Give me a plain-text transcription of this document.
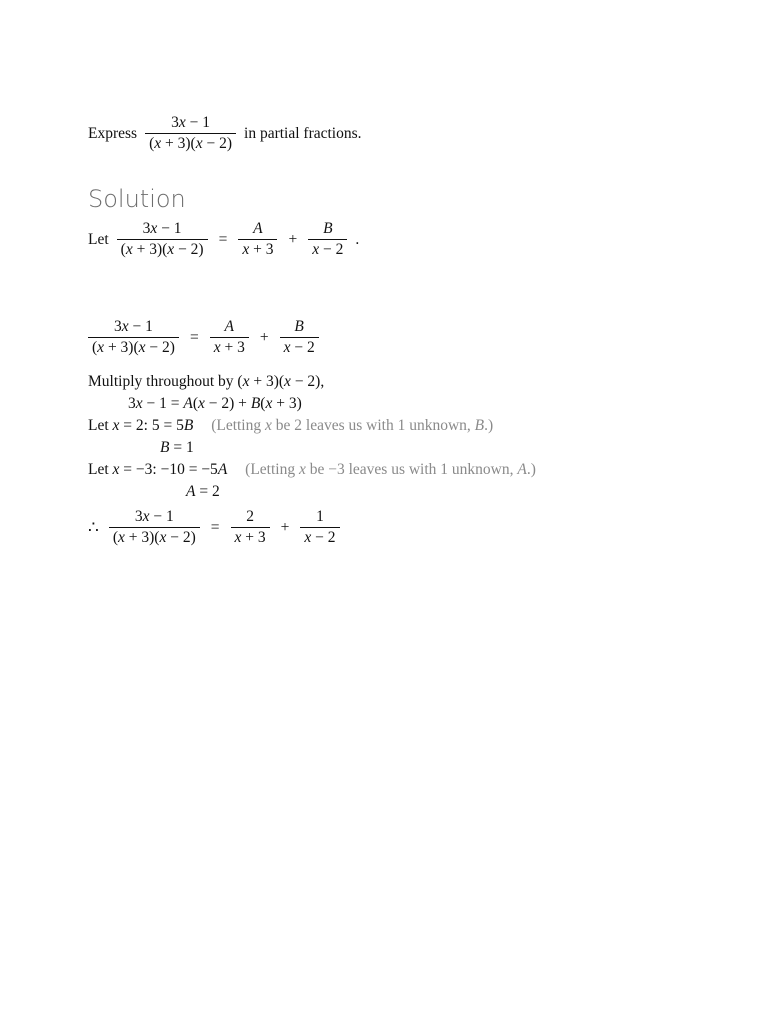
Express $\frac{3x - 1}{(x + 3)(x - 2)}$ in partial fractions.
Solution
Let $\frac{3x - 1}{(x + 3)(x - 2)} = \frac{A}{x + 3} + \frac{B}{x - 2}$ .
$\frac{3x - 1}{(x + 3)(x - 2)} = \frac{A}{x + 3} + \frac{B}{x - 2}$
Multiply throughout by (x + 3)(x − 2),
3x − 1 = A(x − 2) + B(x + 3)
Let x = 2: 5 = 5B (Letting x be 2 leaves us with 1 unknown, B.)
B = 1
Let x = −3: −10 = −5A (Letting x be −3 leaves us with 1 unknown, A.)
A = 2
∴ $\frac{3x - 1}{(x + 3)(x - 2)} = \frac{2}{x + 3} + \frac{1}{x - 2}$
